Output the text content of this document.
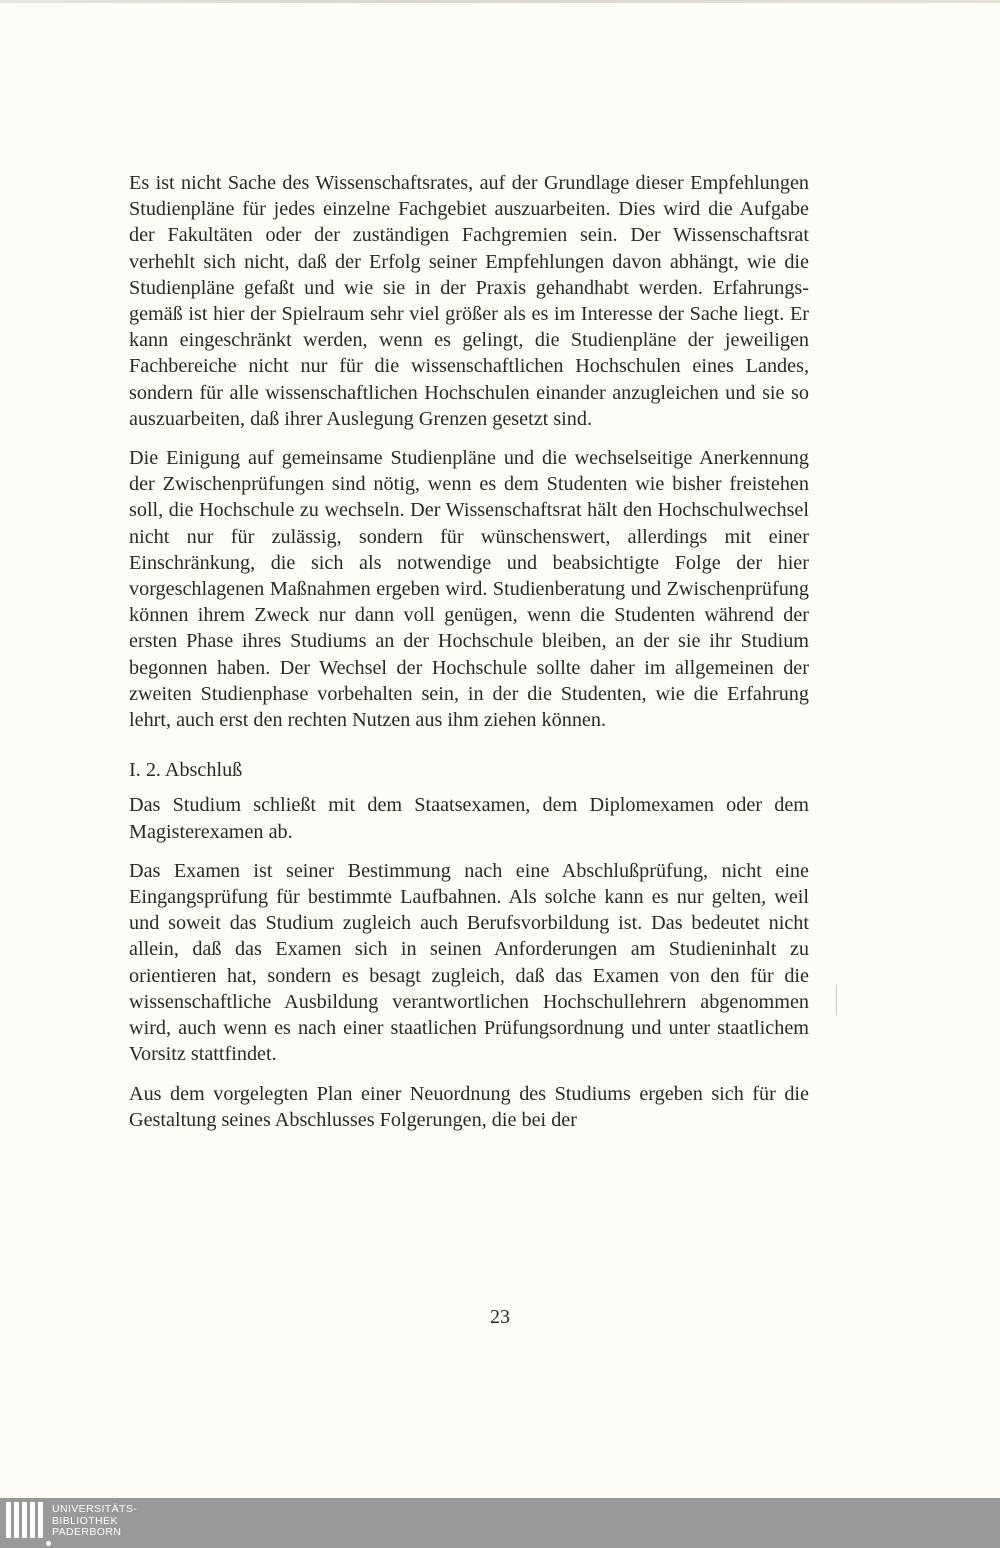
Es ist nicht Sache des Wissenschaftsrates, auf der Grundlage dieser Empfehlungen Studienpläne für jedes einzelne Fachgebiet auszuarbeiten. Dies wird die Aufgabe der Fakultäten oder der zuständigen Fachgremien sein. Der Wissenschaftsrat verhehlt sich nicht, daß der Erfolg seiner Empfehlungen davon abhängt, wie die Studienpläne gefaßt und wie sie in der Praxis gehandhabt werden. Erfahrungsgemäß ist hier der Spielraum sehr viel größer als es im Interesse der Sache liegt. Er kann eingeschränkt werden, wenn es gelingt, die Studienpläne der jeweiligen Fachbereiche nicht nur für die wissenschaftlichen Hochschulen eines Landes, sondern für alle wissenschaftlichen Hochschulen einander anzugleichen und sie so auszuarbeiten, daß ihrer Auslegung Grenzen gesetzt sind.

Die Einigung auf gemeinsame Studienpläne und die wechselseitige Anerkennung der Zwischenprüfungen sind nötig, wenn es dem Studenten wie bisher freistehen soll, die Hochschule zu wechseln. Der Wissenschaftsrat hält den Hochschulwechsel nicht nur für zulässig, sondern für wünschenswert, allerdings mit einer Einschränkung, die sich als notwendige und beabsichtigte Folge der hier vorgeschlagenen Maßnahmen ergeben wird. Studienberatung und Zwischenprüfung können ihrem Zweck nur dann voll genügen, wenn die Studenten während der ersten Phase ihres Studiums an der Hochschule bleiben, an der sie ihr Studium begonnen haben. Der Wechsel der Hochschule sollte daher im allgemeinen der zweiten Studienphase vorbehalten sein, in der die Studenten, wie die Erfahrung lehrt, auch erst den rechten Nutzen aus ihm ziehen können.

I. 2. Abschluß

Das Studium schließt mit dem Staatsexamen, dem Diplomexamen oder dem Magisterexamen ab.

Das Examen ist seiner Bestimmung nach eine Abschlußprüfung, nicht eine Eingangsprüfung für bestimmte Laufbahnen. Als solche kann es nur gelten, weil und soweit das Studium zugleich auch Berufsvorbildung ist. Das bedeutet nicht allein, daß das Examen sich in seinen Anforderungen am Studieninhalt zu orientieren hat, sondern es besagt zugleich, daß das Examen von den für die wissenschaftliche Ausbildung verantwortlichen Hochschullehrern abgenommen wird, auch wenn es nach einer staatlichen Prüfungsordnung und unter staatlichem Vorsitz stattfindet.

Aus dem vorgelegten Plan einer Neuordnung des Studiums ergeben sich für die Gestaltung seines Abschlusses Folgerungen, die bei der

23
UNIVERSITÄTS-
BIBLIOTHEK
PADERBORN
